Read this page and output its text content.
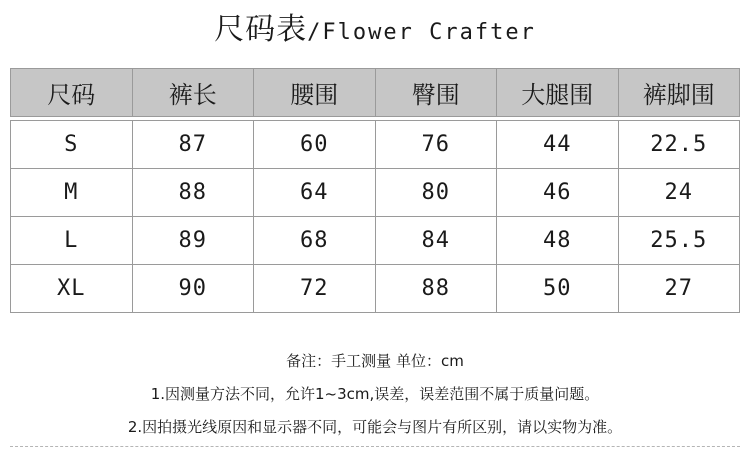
尺码表/Flower Crafter
尺码	裤长	腰围	臀围	大腿围	裤脚围

S	87	60	76	44	22.5
M	88	64	80	46	24
L	89	68	84	48	25.5
XL	90	72	88	50	27
备注：手工测量 单位：cm
1.因测量方法不同，允许1~3cm,误差，误差范围不属于质量问题。
2.因拍摄光线原因和显示器不同，可能会与图片有所区别，请以实物为准。
